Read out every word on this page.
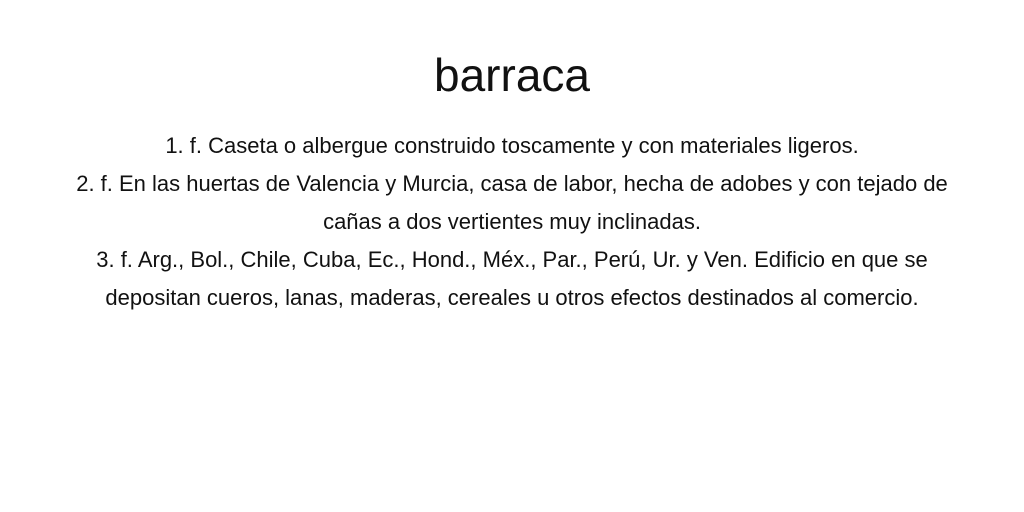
barraca
1. f. Caseta o albergue construido toscamente y con materiales ligeros.
2. f. En las huertas de Valencia y Murcia, casa de labor, hecha de adobes y con tejado de cañas a dos vertientes muy inclinadas.
3. f. Arg., Bol., Chile, Cuba, Ec., Hond., Méx., Par., Perú, Ur. y Ven. Edificio en que se depositan cueros, lanas, maderas, cereales u otros efectos destinados al comercio.
